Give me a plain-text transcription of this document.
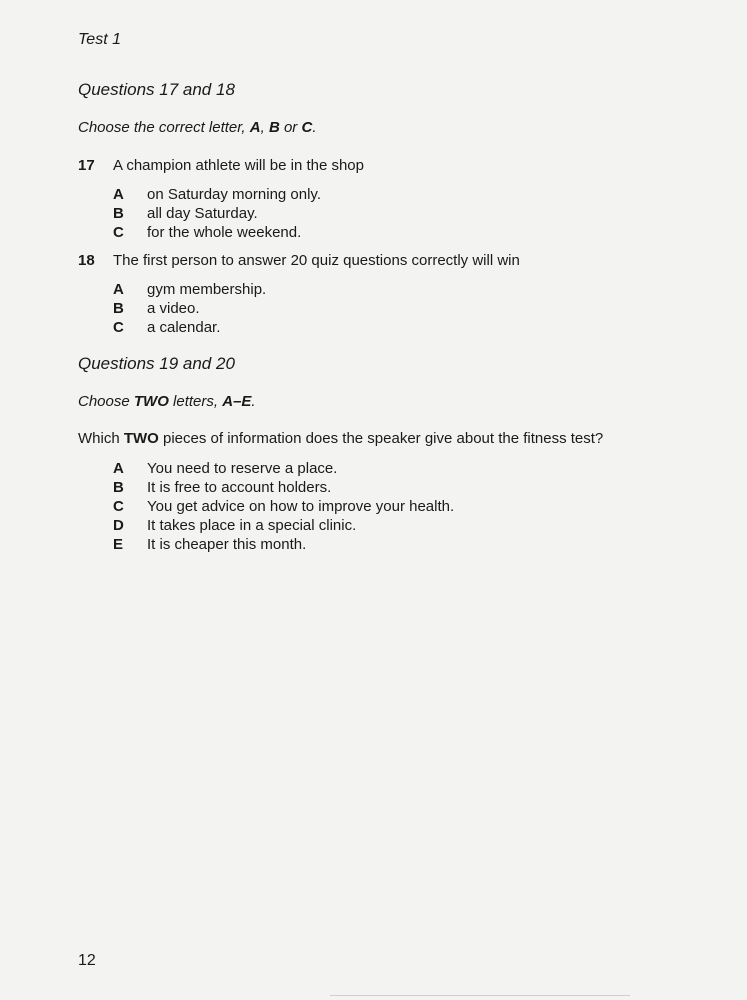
Test 1
Questions 17 and 18
Choose the correct letter, A, B or C.
17 A champion athlete will be in the shop
A on Saturday morning only.
B all day Saturday.
C for the whole weekend.
18 The first person to answer 20 quiz questions correctly will win
A gym membership.
B a video.
C a calendar.
Questions 19 and 20
Choose TWO letters, A–E.
Which TWO pieces of information does the speaker give about the fitness test?
A You need to reserve a place.
B It is free to account holders.
C You get advice on how to improve your health.
D It takes place in a special clinic.
E It is cheaper this month.
12
